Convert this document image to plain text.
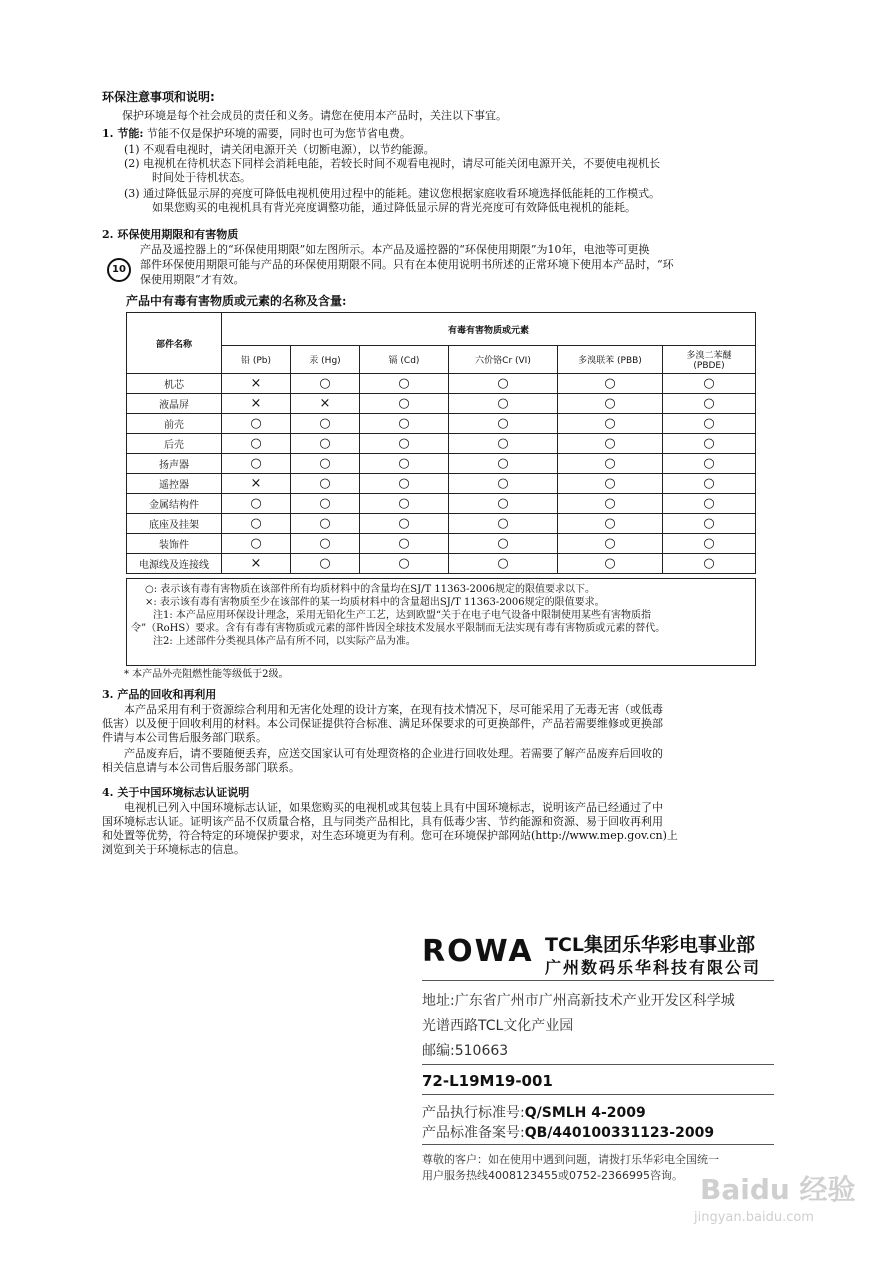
环保注意事项和说明:
保护环境是每个社会成员的责任和义务。请您在使用本产品时，关注以下事宜。
1. 节能: 节能不仅是保护环境的需要，同时也可为您节省电费。
(1) 不观看电视时，请关闭电源开关（切断电源），以节约能源。
(2) 电视机在待机状态下同样会消耗电能，若较长时间不观看电视时，请尽可能关闭电源开关，不要使电视机长
时间处于待机状态。
(3) 通过降低显示屏的亮度可降低电视机使用过程中的能耗。建议您根据家庭收看环境选择低能耗的工作模式。
如果您购买的电视机具有背光亮度调整功能，通过降低显示屏的背光亮度可有效降低电视机的能耗。
2. 环保使用期限和有害物质
10
产品及遥控器上的“环保使用期限”如左图所示。本产品及遥控器的“环保使用期限”为10年，电池等可更换
部件环保使用期限可能与产品的环保使用期限不同。只有在本使用说明书所述的正常环境下使用本产品时，“环
保使用期限”才有效。
产品中有毒有害物质或元素的名称及含量:
部件名称	有毒有害物质或元素					
	铅 (Pb)	汞 (Hg)	镉 (Cd)	六价铬Cr (VI)	多溴联苯 (PBB)	多溴二苯醚
(PBDE)
机芯	×	○	○	○	○	○
液晶屏	×	×	○	○	○	○
前壳	○	○	○	○	○	○
后壳	○	○	○	○	○	○
扬声器	○	○	○	○	○	○
遥控器	×	○	○	○	○	○
金属结构件	○	○	○	○	○	○
底座及挂架	○	○	○	○	○	○
装饰件	○	○	○	○	○	○
电源线及连接线	×	○	○	○	○	○
○: 表示该有毒有害物质在该部件所有均质材料中的含量均在SJ/T 11363-2006规定的限值要求以下。
×: 表示该有毒有害物质至少在该部件的某一均质材料中的含量超出SJ/T 11363-2006规定的限值要求。
注1: 本产品应用环保设计理念，采用无铅化生产工艺，达到欧盟“关于在电子电气设备中限制使用某些有害物质指
令”（RoHS）要求。含有有毒有害物质或元素的部件皆因全球技术发展水平限制而无法实现有毒有害物质或元素的替代。
注2: 上述部件分类视具体产品有所不同，以实际产品为准。
* 本产品外壳阻燃性能等级低于2级。
3. 产品的回收和再利用
本产品采用有利于资源综合利用和无害化处理的设计方案，在现有技术情况下，尽可能采用了无毒无害（或低毒
低害）以及便于回收利用的材料。本公司保证提供符合标准、满足环保要求的可更换部件，产品若需要维修或更换部
件请与本公司售后服务部门联系。
产品废弃后，请不要随便丢弃，应送交国家认可有处理资格的企业进行回收处理。若需要了解产品废弃后回收的
相关信息请与本公司售后服务部门联系。
4. 关于中国环境标志认证说明
电视机已列入中国环境标志认证，如果您购买的电视机或其包装上具有中国环境标志，说明该产品已经通过了中
国环境标志认证。证明该产品不仅质量合格，且与同类产品相比，具有低毒少害、节约能源和资源、易于回收再利用
和处置等优势，符合特定的环境保护要求，对生态环境更为有利。您可在环境保护部网站(http://www.mep.gov.cn)上
浏览到关于环境标志的信息。
ROWA TCL集团乐华彩电事业部
广州数码乐华科技有限公司
地址:广东省广州市广州高新技术产业开发区科学城
光谱西路TCL文化产业园
邮编:510663
72-L19M19-001
产品执行标准号:Q/SMLH 4-2009
产品标准备案号:QB/440100331123-2009
尊敬的客户：如在使用中遇到问题，请拨打乐华彩电全国统一
用户服务热线4008123455或0752-2366995咨询。 Baidu 经验
jingyan.baidu.com
